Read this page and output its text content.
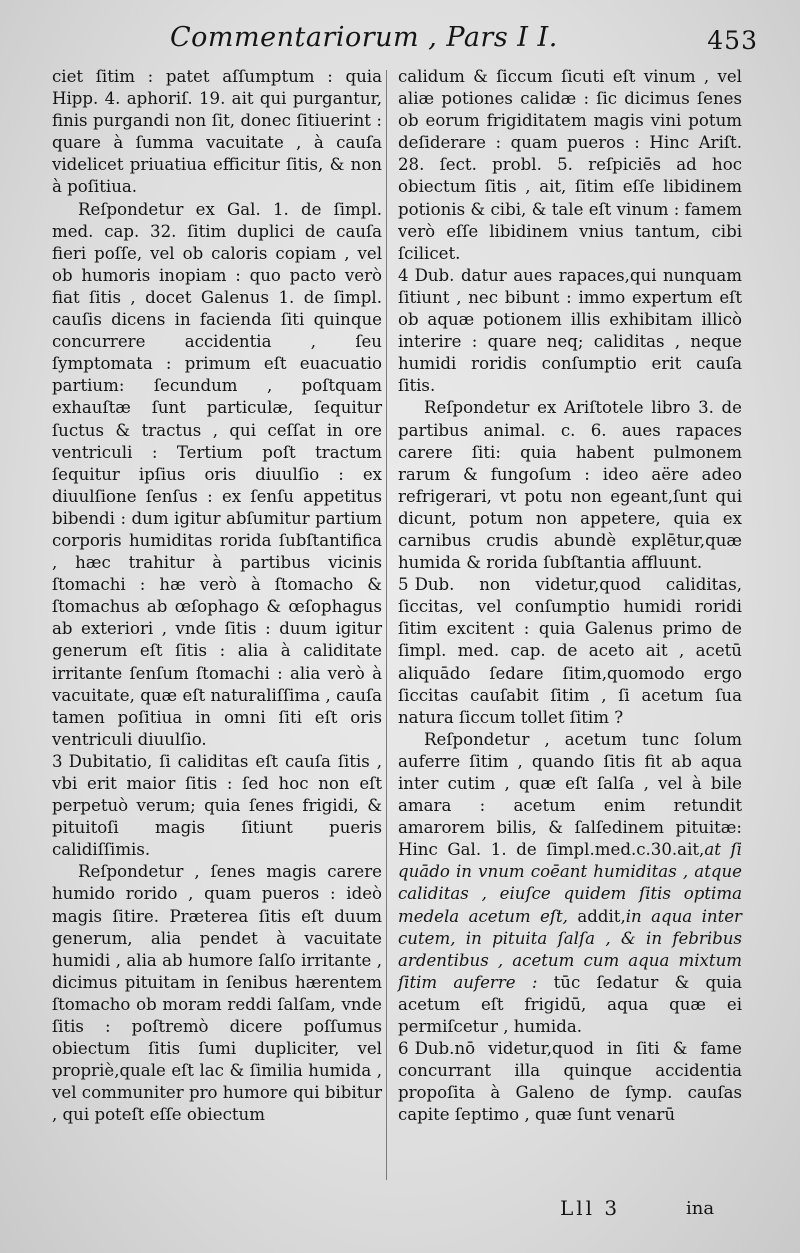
Commentariorum , Pars I I.	453

ciet ſitim : patet aſſumptum : quia Hipp. 4. aphoriſ. 19. ait qui purgantur, finis purgandi non ſit, donec ſitiuerint : quare à ſumma vacuitate , à cauſa videlicet priuatiua efficitur ſitis, & non à poſitiua.

Reſpondetur ex Gal. 1. de ſimpl. med. cap. 32. ſitim duplici de cauſa fieri poſſe, vel ob caloris copiam , vel ob humoris inopiam : quo pacto verò fiat ſitis , docet Galenus 1. de ſimpl. cauſis dicens in facienda ſiti quinque concurrere accidentia , ſeu ſymptomata : primum eſt euacuatio partium: ſecundum , poſtquam exhauſtæ ſunt particulæ, ſequitur ſuctus & tractus , qui ceſſat in ore ventriculi : Tertium poſt tractum ſequitur ipſius oris diuulſio : ex diuulſione ſenſus : ex ſenſu appetitus bibendi : dum igitur abſumitur partium corporis humiditas rorida ſubſtantifica , hæc trahitur à partibus vicinis ſtomachi : hæ verò à ſtomacho & ſtomachus ab œſophago & œſophagus ab exteriori , vnde ſitis : duum igitur generum eſt ſitis : alia à caliditate irritante ſenſum ſtomachi : alia verò à vacuitate, quæ eſt naturaliſſima , cauſa tamen poſitiua in omni ſiti eſt oris ventriculi diuulſio.

3 Dubitatio, ſi caliditas eſt cauſa ſitis , vbi erit maior ſitis : ſed hoc non eſt perpetuò verum; quia ſenes frigidi, & pituitoſi magis ſitiunt pueris calidiſſimis.

Reſpondetur , ſenes magis carere humido rorido , quam pueros : ideò magis ſitire. Præterea ſitis eſt duum generum, alia pendet à vacuitate humidi , alia ab humore ſalſo irritante , dicimus pituitam in ſenibus hærentem ſtomacho ob moram reddi ſalſam, vnde ſitis : poſtremò dicere poſſumus obiectum ſitis ſumi dupliciter, vel propriè,quale eſt lac & ſimilia humida , vel communiter pro humore qui bibitur , qui poteſt eſſe obiectum

calidum & ſiccum ſicuti eſt vinum , vel aliæ potiones calidæ : ſic dicimus ſenes ob eorum frigiditatem magis vini potum deſiderare : quam pueros : Hinc Ariſt. 28. ſect. probl. 5. reſpiciēs ad hoc obiectum ſitis , ait, ſitim eſſe libidinem potionis & cibi, & tale eſt vinum : famem verò eſſe libidinem vnius tantum, cibi ſcilicet.

4 Dub. datur aues rapaces,qui nunquam ſitiunt , nec bibunt : immo expertum eſt ob aquæ potionem illis exhibitam illicò interire : quare neq; caliditas , neque humidi roridis conſumptio erit cauſa ſitis.

Reſpondetur ex Ariſtotele libro 3. de partibus animal. c. 6. aues rapaces carere ſiti: quia habent pulmonem rarum & fungoſum : ideo aëre adeo refrigerari, vt potu non egeant,ſunt qui dicunt, potum non appetere, quia ex carnibus crudis abundè explētur,quæ humida & rorida ſubſtantia affluunt.

5 Dub. non videtur,quod caliditas, ſiccitas, vel conſumptio humidi roridi ſitim excitent : quia Galenus primo de ſimpl. med. cap. de aceto ait , acetū aliquādo ſedare ſitim,quomodo ergo ſiccitas cauſabit ſitim , ſi acetum ſua natura ſiccum tollet ſitim ?

Reſpondetur , acetum tunc ſolum auferre ſitim , quando ſitis fit ab aqua inter cutim , quæ eſt ſalſa , vel à bile amara : acetum enim retundit amarorem bilis, & ſalſedinem pituitæ: Hinc Gal. 1. de ſimpl.med.c.30.ait,at ſi quādo in vnum coēant humiditas , atque caliditas , eiuſce quidem ſitis optima medela acetum eſt, addit,in aqua inter cutem, in pituita ſalſa , & in febribus ardentibus , acetum cum aqua mixtum ſitim auferre : tūc ſedatur & quia acetum eſt frigidū, aqua quæ ei permiſcetur , humida.

6 Dub.nō videtur,quod in ſiti & fame concurrant illa quinque accidentia propoſita à Galeno de ſymp. cauſas capite ſeptimo , quæ ſunt venarū

Lll 3	ina
